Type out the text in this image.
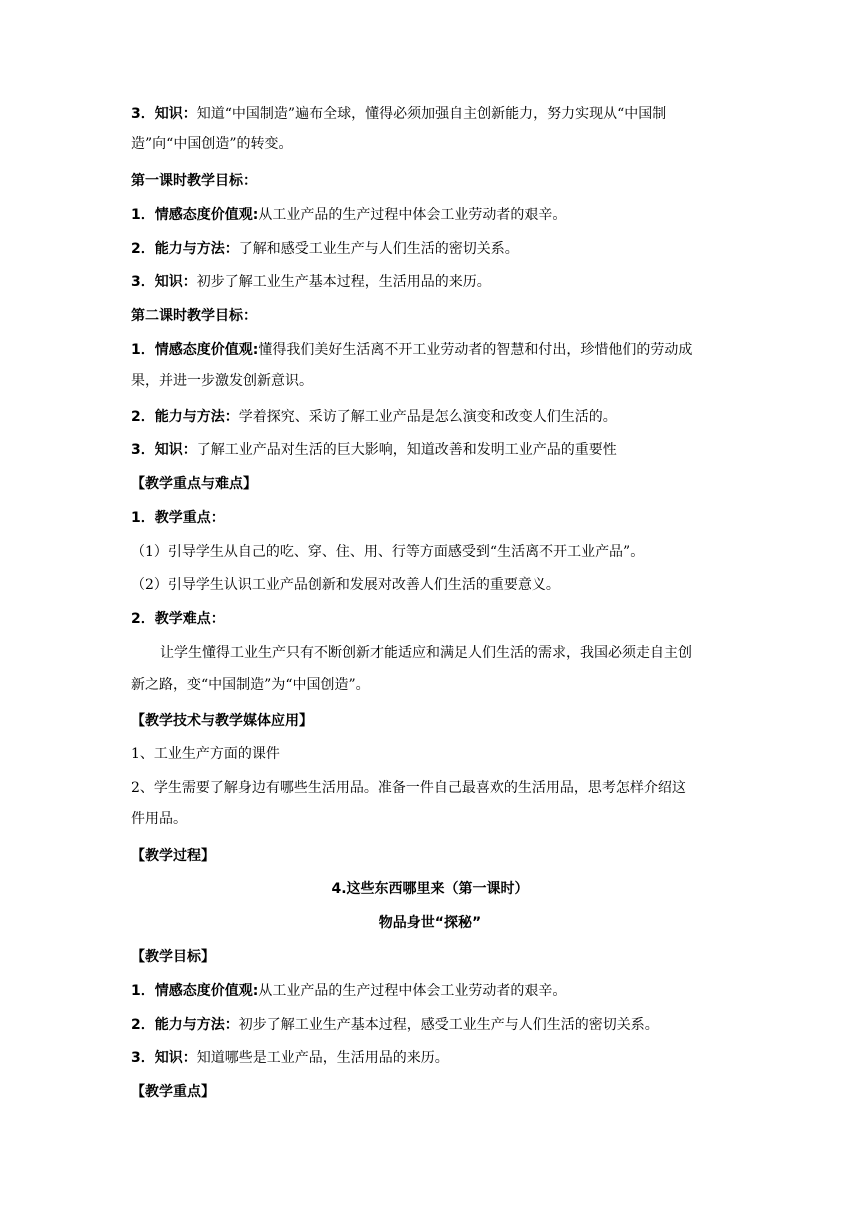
3．知识：知道“中国制造”遍布全球，懂得必须加强自主创新能力，努力实现从“中国制
造”向“中国创造”的转变。
第一课时教学目标：
1．情感态度价值观:从工业产品的生产过程中体会工业劳动者的艰辛。
2．能力与方法：了解和感受工业生产与人们生活的密切关系。
3．知识：初步了解工业生产基本过程，生活用品的来历。
第二课时教学目标：
1．情感态度价值观:懂得我们美好生活离不开工业劳动者的智慧和付出，珍惜他们的劳动成
果，并进一步激发创新意识。
2．能力与方法：学着探究、采访了解工业产品是怎么演变和改变人们生活的。
3．知识：了解工业产品对生活的巨大影响，知道改善和发明工业产品的重要性
【教学重点与难点】
1．教学重点：
（1）引导学生从自己的吃、穿、住、用、行等方面感受到“生活离不开工业产品”。
（2）引导学生认识工业产品创新和发展对改善人们生活的重要意义。
2．教学难点：
让学生懂得工业生产只有不断创新才能适应和满足人们生活的需求，我国必须走自主创
新之路，变“中国制造”为“中国创造”。
【教学技术与教学媒体应用】
1、工业生产方面的课件
2、学生需要了解身边有哪些生活用品。准备一件自己最喜欢的生活用品，思考怎样介绍这
件用品。
【教学过程】
4.这些东西哪里来（第一课时）
物品身世“探秘”
【教学目标】
1．情感态度价值观:从工业产品的生产过程中体会工业劳动者的艰辛。
2．能力与方法：初步了解工业生产基本过程，感受工业生产与人们生活的密切关系。
3．知识：知道哪些是工业产品，生活用品的来历。
【教学重点】
